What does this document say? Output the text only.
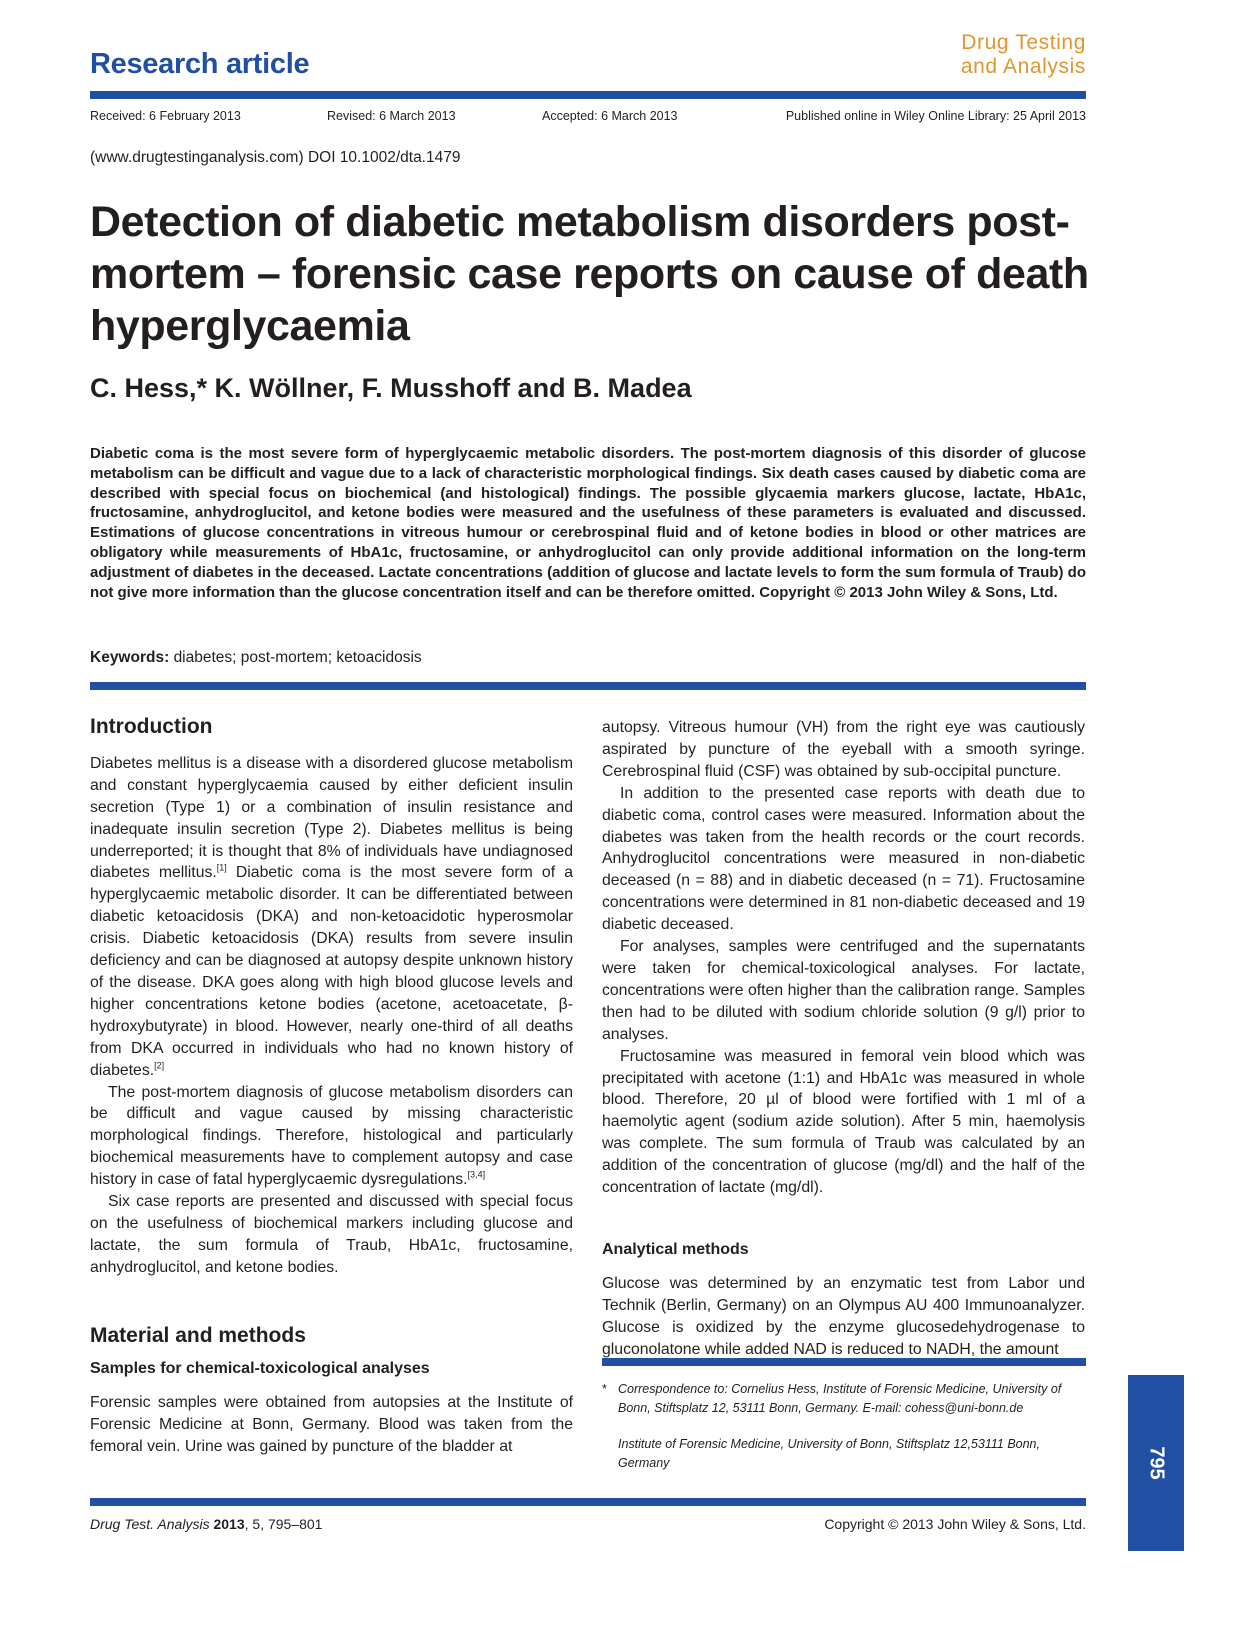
Research article
Drug Testing
and Analysis
Received: 6 February 2013	Revised: 6 March 2013	Accepted: 6 March 2013	Published online in Wiley Online Library: 25 April 2013
(www.drugtestinganalysis.com) DOI 10.1002/dta.1479
Detection of diabetic metabolism disorders post-mortem – forensic case reports on cause of death hyperglycaemia
C. Hess,* K. Wöllner, F. Musshoff and B. Madea
Diabetic coma is the most severe form of hyperglycaemic metabolic disorders. The post-mortem diagnosis of this disorder of glucose metabolism can be difficult and vague due to a lack of characteristic morphological findings. Six death cases caused by diabetic coma are described with special focus on biochemical (and histological) findings. The possible glycaemia markers glucose, lactate, HbA1c, fructosamine, anhydroglucitol, and ketone bodies were measured and the usefulness of these parameters is evaluated and discussed. Estimations of glucose concentrations in vitreous humour or cerebrospinal fluid and of ketone bodies in blood or other matrices are obligatory while measurements of HbA1c, fructosamine, or anhydroglucitol can only provide additional information on the long-term adjustment of diabetes in the deceased. Lactate concentrations (addition of glucose and lactate levels to form the sum formula of Traub) do not give more information than the glucose concentration itself and can be therefore omitted. Copyright © 2013 John Wiley & Sons, Ltd.
Keywords: diabetes; post-mortem; ketoacidosis
Introduction

Diabetes mellitus is a disease with a disordered glucose metabolism and constant hyperglycaemia caused by either deficient insulin secretion (Type 1) or a combination of insulin resistance and inadequate insulin secretion (Type 2). Diabetes mellitus is being underreported; it is thought that 8% of individuals have undiagnosed diabetes mellitus.[1] Diabetic coma is the most severe form of a hyperglycaemic metabolic disorder. It can be differentiated between diabetic ketoacidosis (DKA) and non-ketoacidotic hyperosmolar crisis. Diabetic ketoacidosis (DKA) results from severe insulin deficiency and can be diagnosed at autopsy despite unknown history of the disease. DKA goes along with high blood glucose levels and higher concentrations ketone bodies (acetone, acetoacetate, β-hydroxybutyrate) in blood. However, nearly one-third of all deaths from DKA occurred in individuals who had no known history of diabetes.[2]

The post-mortem diagnosis of glucose metabolism disorders can be difficult and vague caused by missing characteristic morphological findings. Therefore, histological and particularly biochemical measurements have to complement autopsy and case history in case of fatal hyperglycaemic dysregulations.[3,4]

Six case reports are presented and discussed with special focus on the usefulness of biochemical markers including glucose and lactate, the sum formula of Traub, HbA1c, fructosamine, anhydroglucitol, and ketone bodies.

Material and methods
Samples for chemical-toxicological analyses

Forensic samples were obtained from autopsies at the Institute of Forensic Medicine at Bonn, Germany. Blood was taken from the femoral vein. Urine was gained by puncture of the bladder at

autopsy. Vitreous humour (VH) from the right eye was cautiously aspirated by puncture of the eyeball with a smooth syringe. Cerebrospinal fluid (CSF) was obtained by sub-occipital puncture.

In addition to the presented case reports with death due to diabetic coma, control cases were measured. Information about the diabetes was taken from the health records or the court records. Anhydroglucitol concentrations were measured in non-diabetic deceased (n = 88) and in diabetic deceased (n = 71). Fructosamine concentrations were determined in 81 non-diabetic deceased and 19 diabetic deceased.

For analyses, samples were centrifuged and the supernatants were taken for chemical-toxicological analyses. For lactate, concentrations were often higher than the calibration range. Samples then had to be diluted with sodium chloride solution (9 g/l) prior to analyses.

Fructosamine was measured in femoral vein blood which was precipitated with acetone (1:1) and HbA1c was measured in whole blood. Therefore, 20 µl of blood were fortified with 1 ml of a haemolytic agent (sodium azide solution). After 5 min, haemolysis was complete. The sum formula of Traub was calculated by an addition of the concentration of glucose (mg/dl) and the half of the concentration of lactate (mg/dl).

Analytical methods

Glucose was determined by an enzymatic test from Labor und Technik (Berlin, Germany) on an Olympus AU 400 Immunoanalyzer. Glucose is oxidized by the enzyme glucosedehydrogenase to gluconolatone while added NAD is reduced to NADH, the amount

* Correspondence to: Cornelius Hess, Institute of Forensic Medicine, University of Bonn, Stiftsplatz 12, 53111 Bonn, Germany. E-mail: cohess@uni-bonn.de
Institute of Forensic Medicine, University of Bonn, Stiftsplatz 12,53111 Bonn, Germany
Drug Test. Analysis 2013, 5, 795–801	Copyright © 2013 John Wiley & Sons, Ltd.
795
